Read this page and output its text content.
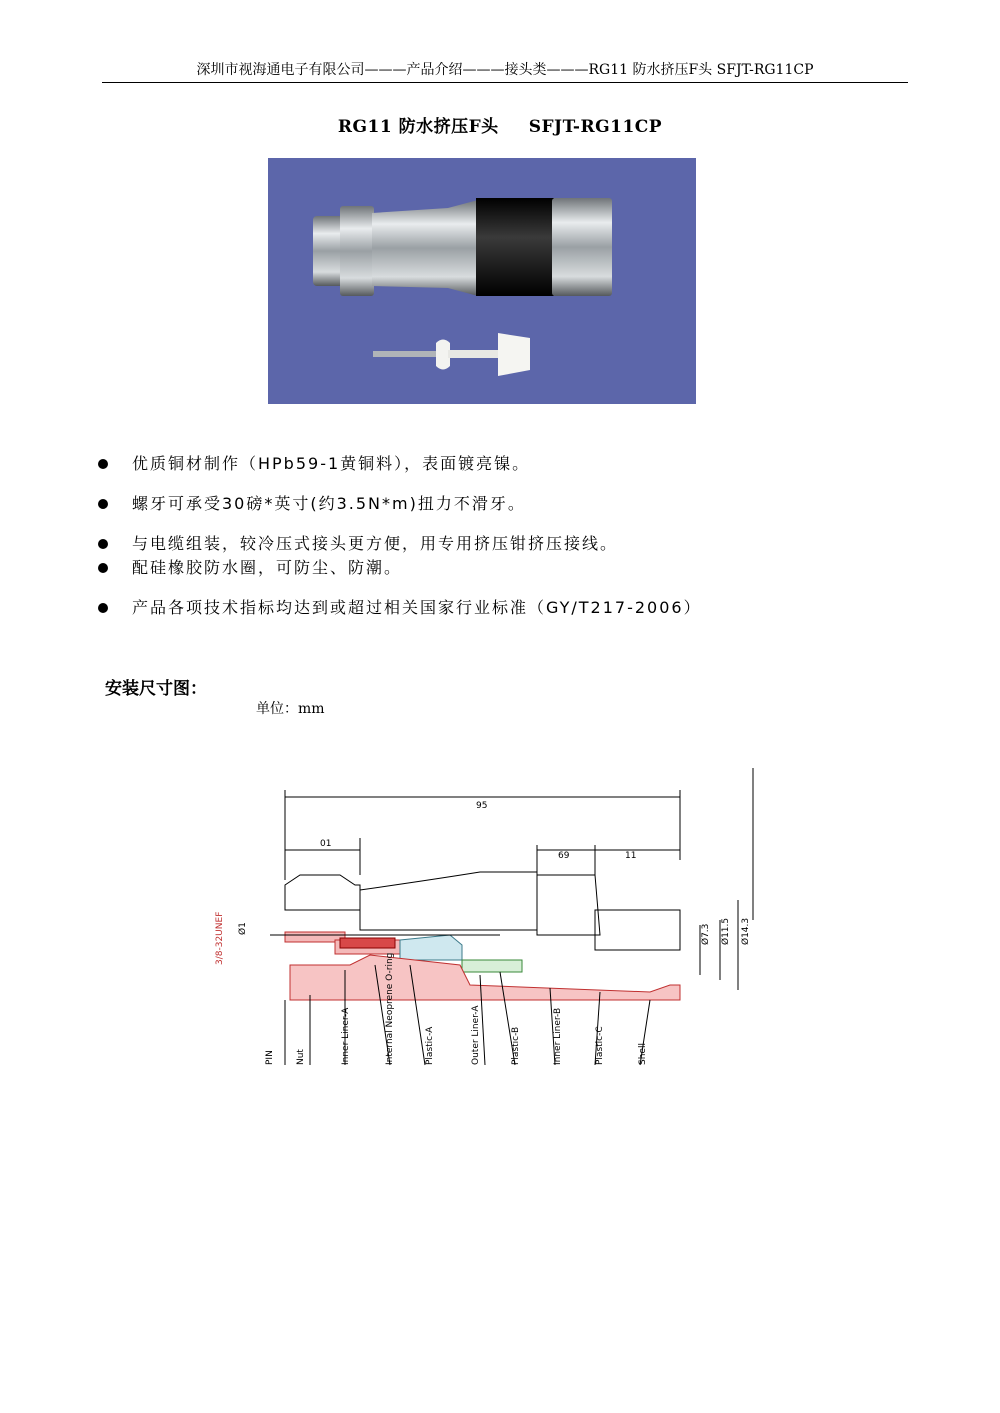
深圳市视海通电子有限公司———产品介绍———接头类———RG11 防水挤压F头 SFJT-RG11CP
RG11 防水挤压F头 SFJT-RG11CP
优质铜材制作（HPb59-1黄铜料），表面镀亮镍。
螺牙可承受30磅*英寸(约3.5N*m)扭力不滑牙。
与电缆组装，较冷压式接头更方便，用专用挤压钳挤压接线。
配硅橡胶防水圈，可防尘、防潮。
产品各项技术指标均达到或超过相关国家行业标准（GY/T217-2006）
安装尺寸图：
单位：mm
95
01
69	11
3/8-32UNEF Ø1	Ø7.3 Ø11.5 Ø14.3
PIN Nut	Inner Liner-A	Internal Neoprene O-ring	Plastic-A	Outer Liner-A	Plastic-B	Inner Liner-B	Plastic-C	Shell
